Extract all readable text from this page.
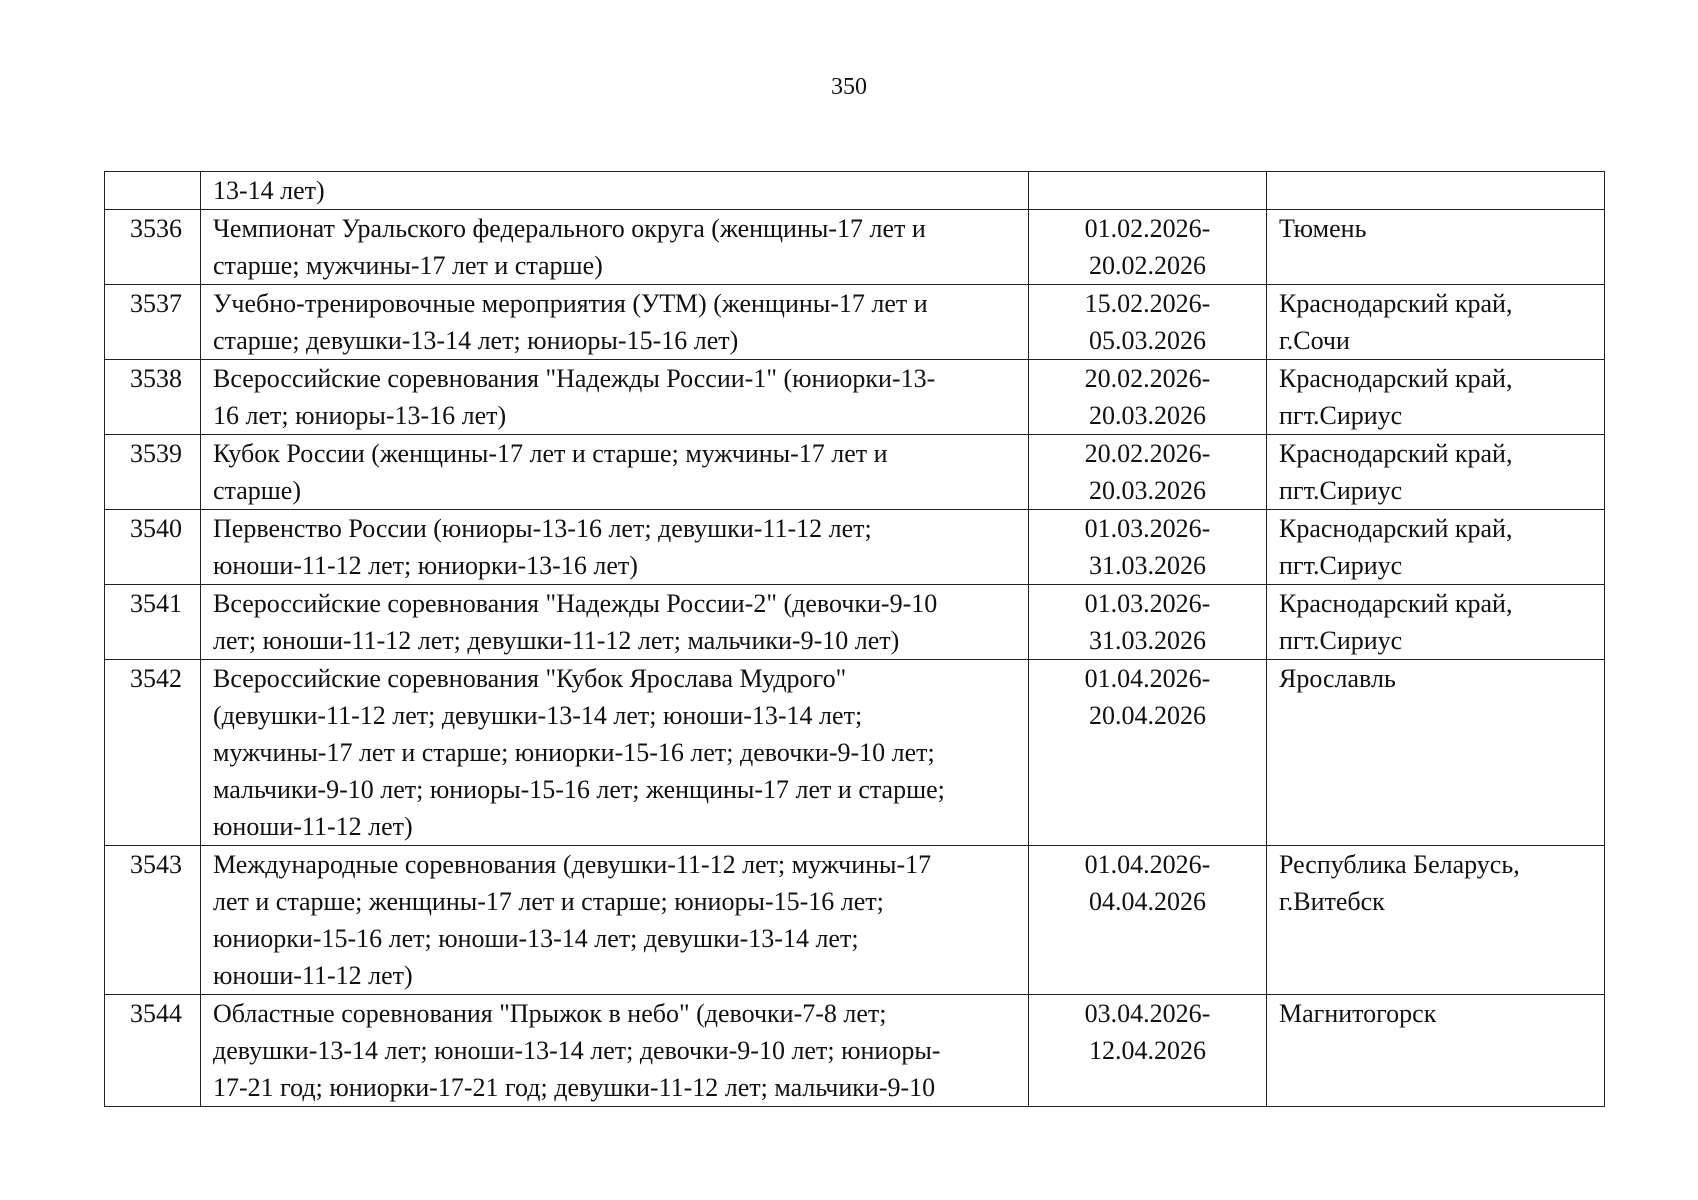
350

	13-14 лет)		

3536	Чемпионат Уральского федерального округа (женщины-17 лет и
старше; мужчины-17 лет и старше)	01.02.2026-
20.02.2026	Тюмень

3537	Учебно-тренировочные мероприятия (УТМ) (женщины-17 лет и
старше; девушки-13-14 лет; юниоры-15-16 лет)	15.02.2026-
05.03.2026	Краснодарский край,
г.Сочи

3538	Всероссийские соревнования "Надежды России-1" (юниорки-13-
16 лет; юниоры-13-16 лет)	20.02.2026-
20.03.2026	Краснодарский край,
пгт.Сириус

3539	Кубок России (женщины-17 лет и старше; мужчины-17 лет и
старше)	20.02.2026-
20.03.2026	Краснодарский край,
пгт.Сириус

3540	Первенство России (юниоры-13-16 лет; девушки-11-12 лет;
юноши-11-12 лет; юниорки-13-16 лет)	01.03.2026-
31.03.2026	Краснодарский край,
пгт.Сириус

3541	Всероссийские соревнования "Надежды России-2" (девочки-9-10
лет; юноши-11-12 лет; девушки-11-12 лет; мальчики-9-10 лет)	01.03.2026-
31.03.2026	Краснодарский край,
пгт.Сириус

3542	Всероссийские соревнования "Кубок Ярослава Мудрого"
(девушки-11-12 лет; девушки-13-14 лет; юноши-13-14 лет;
мужчины-17 лет и старше; юниорки-15-16 лет; девочки-9-10 лет;
мальчики-9-10 лет; юниоры-15-16 лет; женщины-17 лет и старше;
юноши-11-12 лет)	01.04.2026-
20.04.2026	Ярославль

3543	Международные соревнования (девушки-11-12 лет; мужчины-17
лет и старше; женщины-17 лет и старше; юниоры-15-16 лет;
юниорки-15-16 лет; юноши-13-14 лет; девушки-13-14 лет;
юноши-11-12 лет)	01.04.2026-
04.04.2026	Республика Беларусь,
г.Витебск

3544	Областные соревнования "Прыжок в небо" (девочки-7-8 лет;
девушки-13-14 лет; юноши-13-14 лет; девочки-9-10 лет; юниоры-
17-21 год; юниорки-17-21 год; девушки-11-12 лет; мальчики-9-10	03.04.2026-
12.04.2026	Магнитогорск
